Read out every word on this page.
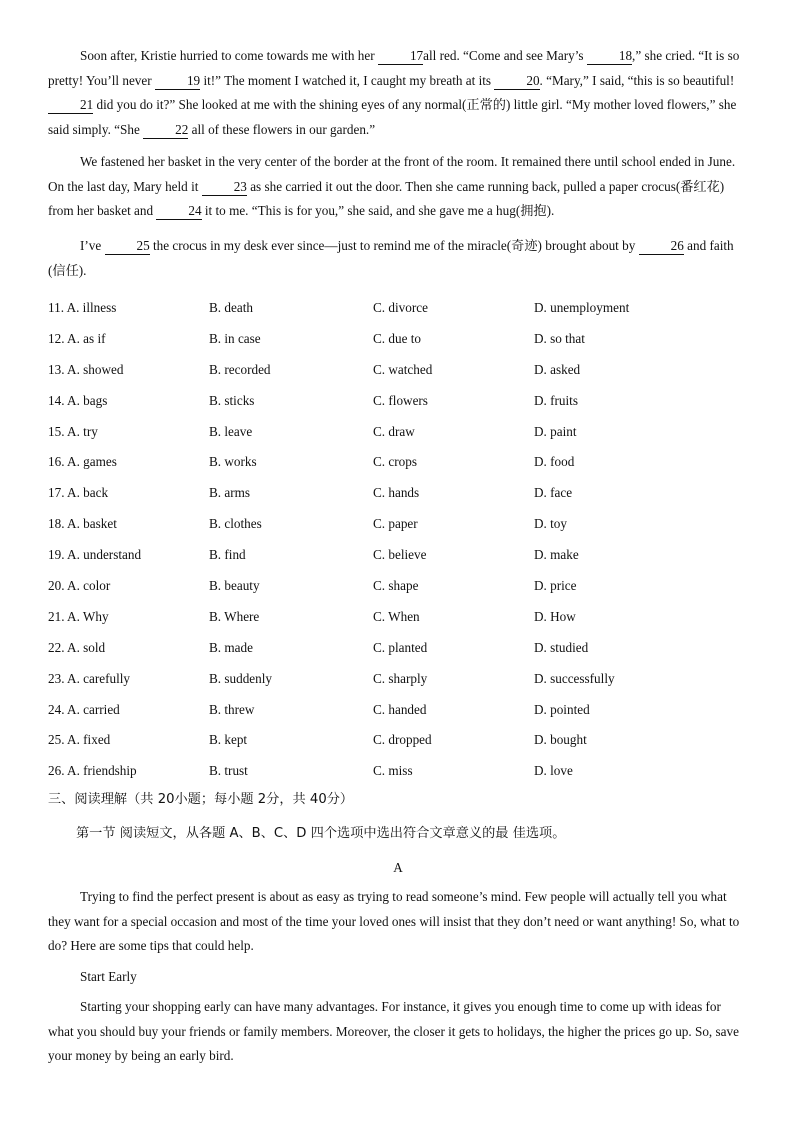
Soon after, Kristie hurried to come towards me with her 17all red. “Come and see Mary’s 18,” she cried. “It is so pretty! You’ll never 19 it!” The moment I watched it, I caught my breath at its 20. “Mary,” I said, “this is so beautiful! 21 did you do it?” She looked at me with the shining eyes of any normal(正常的) little girl. “My mother loved flowers,” she said simply. “She 22 all of these flowers in our garden.”

We fastened her basket in the very center of the border at the front of the room. It remained there until school ended in June. On the last day, Mary held it 23 as she carried it out the door. Then she came running back, pulled a paper crocus(番红花) from her basket and 24 it to me. “This is for you,” she said, and she gave me a hug(拥抱).

I’ve 25 the crocus in my desk ever since—just to remind me of the miracle(奇迹) brought about by 26 and faith (信任).

11. A. illness	B. death	C. divorce	D. unemployment
12. A. as if	B. in case	C. due to	D. so that
13. A. showed	B. recorded	C. watched	D. asked
14. A. bags	B. sticks	C. flowers	D. fruits
15. A. try	B. leave	C. draw	D. paint
16. A. games	B. works	C. crops	D. food
17. A. back	B. arms	C. hands	D. face
18. A. basket	B. clothes	C. paper	D. toy
19. A. understand	B. find	C. believe	D. make
20. A. color	B. beauty	C. shape	D. price
21. A. Why	B. Where	C. When	D. How
22. A. sold	B. made	C. planted	D. studied
23. A. carefully	B. suddenly	C. sharply	D. successfully
24. A. carried	B. threw	C. handed	D. pointed
25. A. fixed	B. kept	C. dropped	D. bought
26. A. friendship	B. trust	C. miss	D. love

三、阅读理解（共 20小题；每小题 2分，共 40分）

第一节 阅读短文，从各题 A、B、C、D 四个选项中选出符合文章意义的最 佳选项。

A

Trying to find the perfect present is about as easy as trying to read someone’s mind. Few people will actually tell you what they want for a special occasion and most of the time your loved ones will insist that they don’t need or want anything! So, what to do? Here are some tips that could help.

Start Early

Starting your shopping early can have many advantages. For instance, it gives you enough time to come up with ideas for what you should buy your friends or family members. Moreover, the closer it gets to holidays, the higher the prices go up. So, save your money by being an early bird.
